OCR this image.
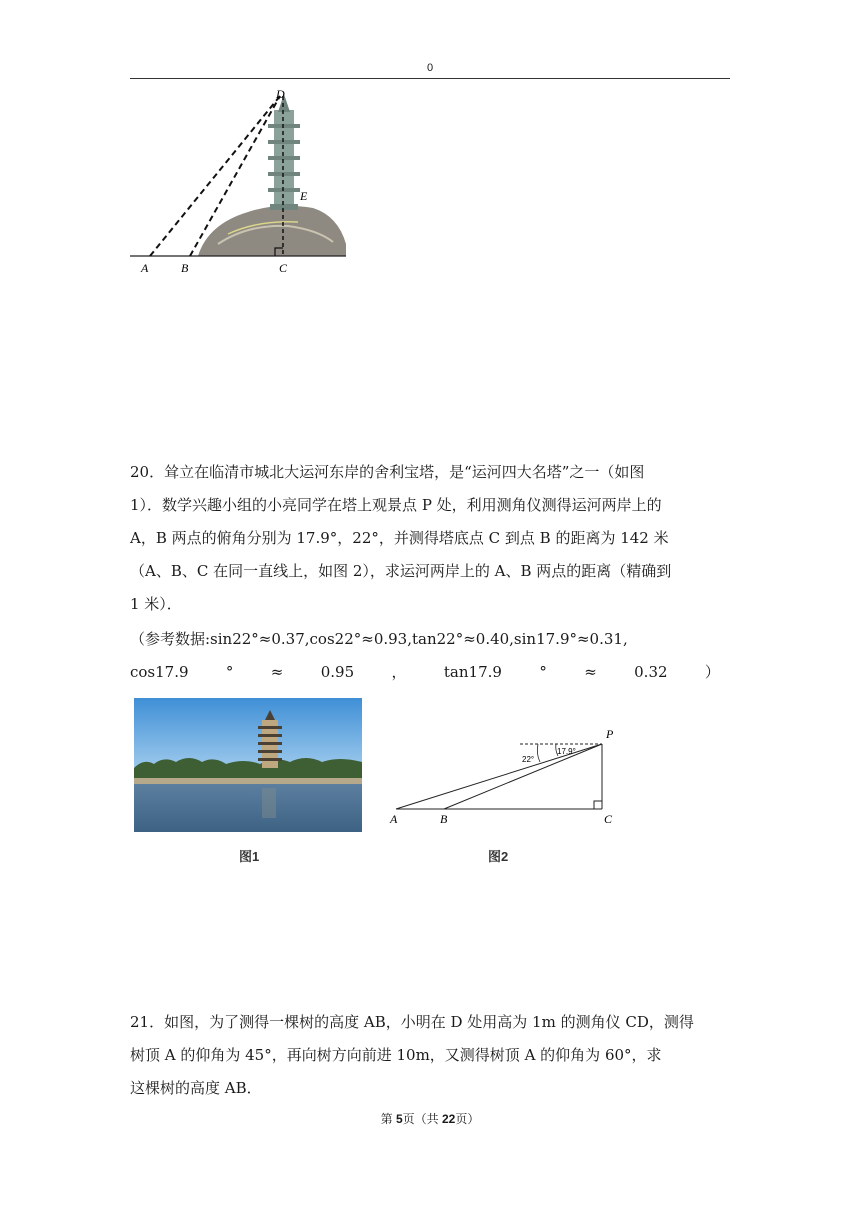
0
D
E
A	B	C

20．耸立在临清市城北大运河东岸的舍利宝塔，是“运河四大名塔”之一（如图

1）．数学兴趣小组的小亮同学在塔上观景点 P 处，利用测角仪测得运河两岸上的

A，B 两点的俯角分别为 17.9°，22°，并测得塔底点 C 到点 B 的距离为 142 米

（A、B、C 在同一直线上，如图 2），求运河两岸上的 A、B 两点的距离（精确到

1 米）．

（参考数据:sin22°≈0.37,cos22°≈0.93,tan22°≈0.40,sin17.9°≈0.31,
cos17.9 ° ≈ 0.95 ， tan17.9 ° ≈ 0.32 ）
图1
17.9°
22°
P
A	B	C
图2
21．如图，为了测得一棵树的高度 AB，小明在 D 处用高为 1m 的测角仪 CD，测得
树顶 A 的仰角为 45°，再向树方向前进 10m，又测得树顶 A 的仰角为 60°，求
这棵树的高度 AB．
第 5页（共 22页）
